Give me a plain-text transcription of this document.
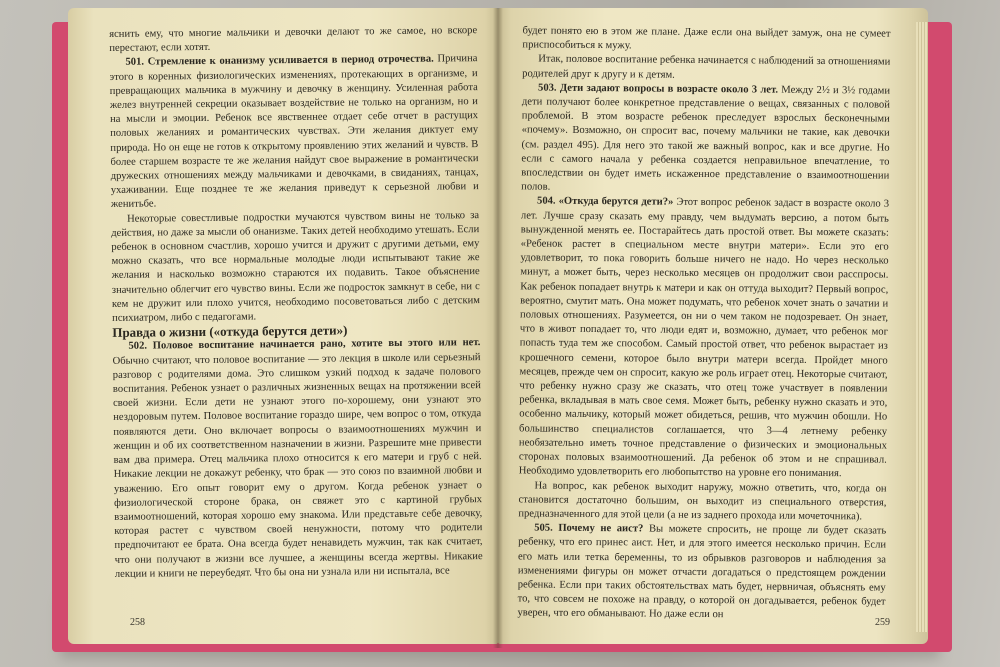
яснить ему, что многие мальчики и девочки делают то же самое, но вскоре перестают, если хотят.

501. Стремление к онанизму усиливается в период отрочества. Причина этого в коренных физиологических изменениях, протекающих в организме, и превращающих мальчика в мужчину и девочку в женщину. Усиленная работа желез внутренней секреции оказывает воздействие не только на организм, но и на мысли и эмоции. Ребенок все явственнее отдает себе отчет в растущих половых желаниях и романтических чувствах. Эти желания диктует ему природа. Но он еще не готов к открытому проявлению этих желаний и чувств. В более старшем возрасте те же желания найдут свое выражение в романтически дружеских отношениях между мальчиками и девочками, в свиданиях, танцах, ухаживании. Еще позднее те же желания приведут к серьезной любви и женитьбе.

Некоторые совестливые подростки мучаются чувством вины не только за действия, но даже за мысли об онанизме. Таких детей необходимо утешать. Если ребенок в основном счастлив, хорошо учится и дружит с другими детьми, ему можно сказать, что все нормальные молодые люди испытывают такие же желания и насколько возможно стараются их подавить. Такое объяснение значительно облегчит его чувство вины. Если же подросток замкнут в себе, ни с кем не дружит или плохо учится, необходимо посоветоваться либо с детским психиатром, либо с педагогами.

Правда о жизни («откуда берутся дети»)

502. Половое воспитание начинается рано, хотите вы этого или нет. Обычно считают, что половое воспитание — это лекция в школе или серьезный разговор с родителями дома. Это слишком узкий подход к задаче полового воспитания. Ребенок узнает о различных жизненных вещах на протяжении всей своей жизни. Если дети не узнают этого по-хорошему, они узнают это нездоровым путем. Половое воспитание гораздо шире, чем вопрос о том, откуда появляются дети. Оно включает вопросы о взаимоотношениях мужчин и женщин и об их соответственном назначении в жизни. Разрешите мне привести вам два примера. Отец мальчика плохо относится к его матери и груб с ней. Никакие лекции не докажут ребенку, что брак — это союз по взаимной любви и уважению. Его опыт говорит ему о другом. Когда ребенок узнает о физиологической стороне брака, он свяжет это с картиной грубых взаимоотношений, которая хорошо ему знакома. Или представьте себе девочку, которая растет с чувством своей ненужности, потому что родители предпочитают ее брата. Она всегда будет ненавидеть мужчин, так как считает, что они получают в жизни все лучшее, а женщины всегда жертвы. Никакие лекции и книги не переубедят. Что бы она ни узнала или ни испытала, все

258

будет понято ею в этом же плане. Даже если она выйдет замуж, она не сумеет приспособиться к мужу.

Итак, половое воспитание ребенка начинается с наблюдений за отношениями родителей друг к другу и к детям.

503. Дети задают вопросы в возрасте около 3 лет. Между 2½ и 3½ годами дети получают более конкретное представление о вещах, связанных с половой проблемой. В этом возрасте ребенок преследует взрослых бесконечными «почему». Возможно, он спросит вас, почему мальчики не такие, как девочки (см. раздел 495). Для него это такой же важный вопрос, как и все другие. Но если с самого начала у ребенка создается неправильное впечатление, то впоследствии он будет иметь искаженное представление о взаимоотношении полов.

504. «Откуда берутся дети?» Этот вопрос ребенок задаст в возрасте около 3 лет. Лучше сразу сказать ему правду, чем выдумать версию, а потом быть вынужденной менять ее. Постарайтесь дать простой ответ. Вы можете сказать: «Ребенок растет в специальном месте внутри матери». Если это его удовлетворит, то пока говорить больше ничего не надо. Но через несколько минут, а может быть, через несколько месяцев он продолжит свои расспросы. Как ребенок попадает внутрь к матери и как он оттуда выходит? Первый вопрос, вероятно, смутит мать. Она может подумать, что ребенок хочет знать о зачатии и половых отношениях. Разумеется, он ни о чем таком не подозревает. Он знает, что в живот попадает то, что люди едят и, возможно, думает, что ребенок мог попасть туда тем же способом. Самый простой ответ, что ребенок вырастает из крошечного семени, которое было внутри матери всегда. Пройдет много месяцев, прежде чем он спросит, какую же роль играет отец. Некоторые считают, что ребенку нужно сразу же сказать, что отец тоже участвует в появлении ребенка, вкладывая в мать свое семя. Может быть, ребенку нужно сказать и это, особенно мальчику, который может обидеться, решив, что мужчин обошли. Но большинство специалистов соглашается, что 3—4 летнему ребенку необязательно иметь точное представление о физических и эмоциональных сторонах половых взаимоотношений. Да ребенок об этом и не спрашивал. Необходимо удовлетворить его любопытство на уровне его понимания.

На вопрос, как ребенок выходит наружу, можно ответить, что, когда он становится достаточно большим, он выходит из специального отверстия, предназначенного для этой цели (а не из заднего прохода или мочеточника).

505. Почему не аист? Вы можете спросить, не проще ли будет сказать ребенку, что его принес аист. Нет, и для этого имеется несколько причин. Если его мать или тетка беременны, то из обрывков разговоров и наблюдения за изменениями фигуры он может отчасти догадаться о предстоящем рождении ребенка. Если при таких обстоятельствах мать будет, нервничая, объяснять ему то, что совсем не похоже на правду, о которой он догадывается, ребенок будет уверен, что его обманывают. Но даже если он

259
